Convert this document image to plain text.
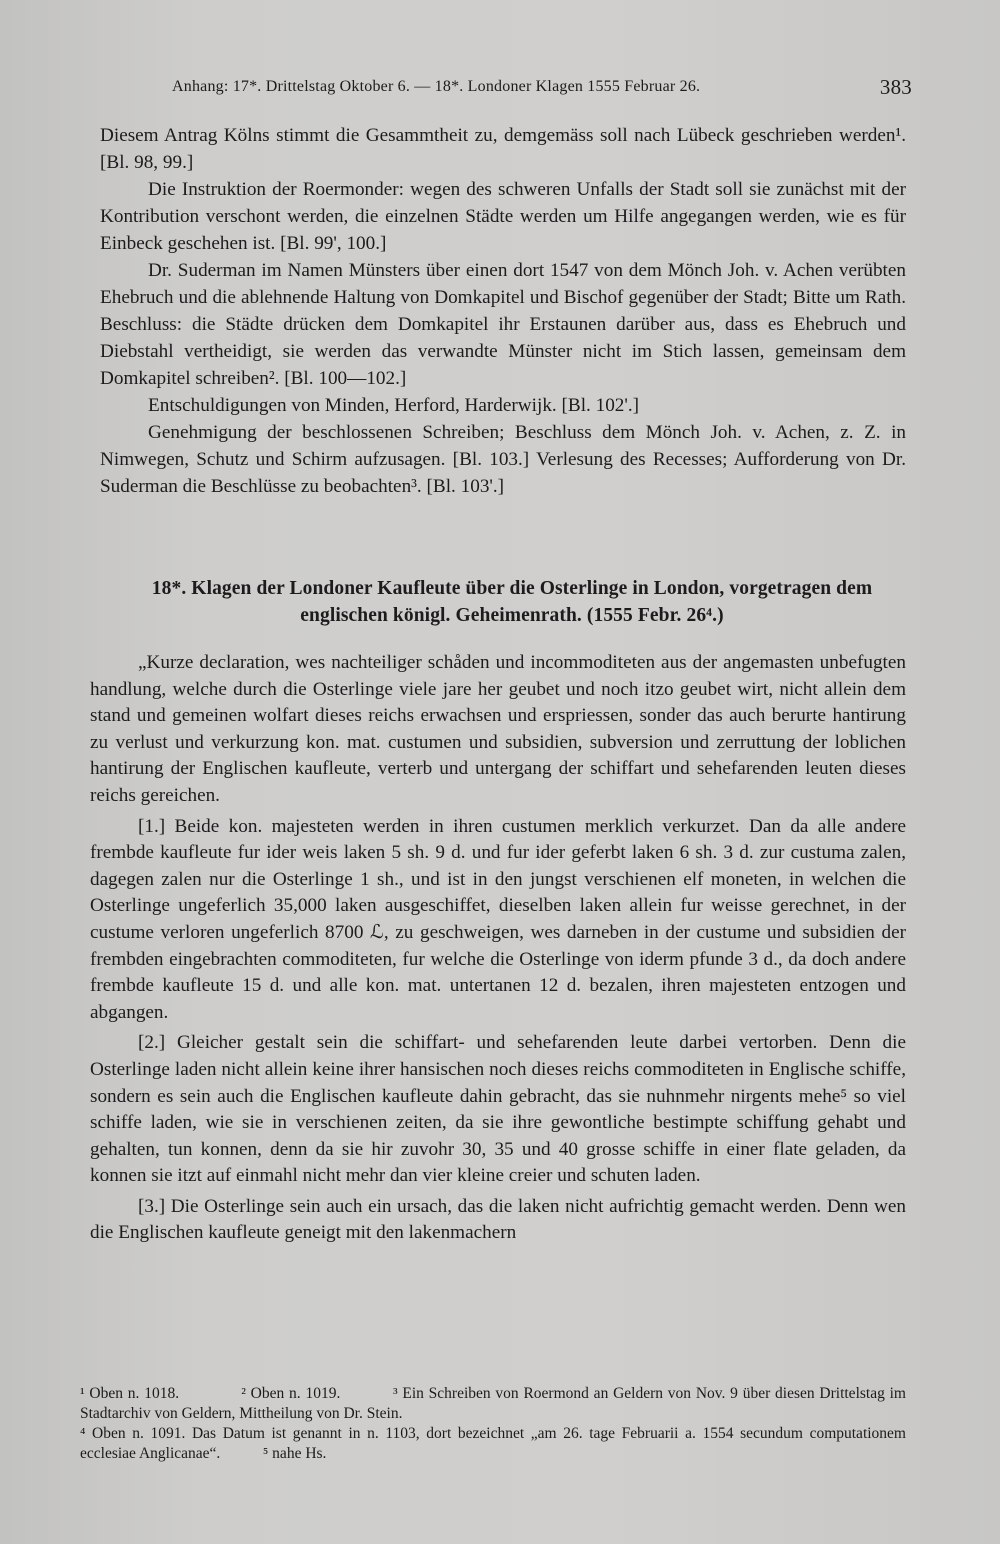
Anhang: 17*. Drittelstag Oktober 6. — 18*. Londoner Klagen 1555 Februar 26.	383

Diesem Antrag Kölns stimmt die Gesammtheit zu, demgemäss soll nach Lübeck geschrieben werden¹. [Bl. 98, 99.]

Die Instruktion der Roermonder: wegen des schweren Unfalls der Stadt soll sie zunächst mit der Kontribution verschont werden, die einzelnen Städte werden um Hilfe angegangen werden, wie es für Einbeck geschehen ist. [Bl. 99', 100.]

Dr. Suderman im Namen Münsters über einen dort 1547 von dem Mönch Joh. v. Achen verübten Ehebruch und die ablehnende Haltung von Domkapitel und Bischof gegenüber der Stadt; Bitte um Rath. Beschluss: die Städte drücken dem Domkapitel ihr Erstaunen darüber aus, dass es Ehebruch und Diebstahl vertheidigt, sie werden das verwandte Münster nicht im Stich lassen, gemeinsam dem Domkapitel schreiben². [Bl. 100—102.]

Entschuldigungen von Minden, Herford, Harderwijk. [Bl. 102'.]

Genehmigung der beschlossenen Schreiben; Beschluss dem Mönch Joh. v. Achen, z. Z. in Nimwegen, Schutz und Schirm aufzusagen. [Bl. 103.] Verlesung des Recesses; Aufforderung von Dr. Suderman die Beschlüsse zu beobachten³. [Bl. 103'.]

18*. Klagen der Londoner Kaufleute über die Osterlinge in London, vorgetragen dem englischen königl. Geheimenrath. (1555 Febr. 26⁴.)

„Kurze declaration, wes nachteiliger schåden und incommoditeten aus der angemasten unbefugten handlung, welche durch die Osterlinge viele jare her geubet und noch itzo geubet wirt, nicht allein dem stand und gemeinen wolfart dieses reichs erwachsen und erspriessen, sonder das auch berurte hantirung zu verlust und verkurzung kon. mat. custumen und subsidien, subversion und zerruttung der loblichen hantirung der Englischen kaufleute, verterb und untergang der schiffart und sehefarenden leuten dieses reichs gereichen.

[1.] Beide kon. majesteten werden in ihren custumen merklich verkurzet. Dan da alle andere frembde kaufleute fur ider weis laken 5 sh. 9 d. und fur ider geferbt laken 6 sh. 3 d. zur custuma zalen, dagegen zalen nur die Osterlinge 1 sh., und ist in den jungst verschienen elf moneten, in welchen die Osterlinge ungeferlich 35,000 laken ausgeschiffet, dieselben laken allein fur weisse gerechnet, in der custume verloren ungeferlich 8700 ℒ, zu geschweigen, wes darneben in der custume und subsidien der frembden eingebrachten commoditeten, fur welche die Osterlinge von iderm pfunde 3 d., da doch andere frembde kaufleute 15 d. und alle kon. mat. untertanen 12 d. bezalen, ihren majesteten entzogen und abgangen.

[2.] Gleicher gestalt sein die schiffart- und sehefarenden leute darbei vertorben. Denn die Osterlinge laden nicht allein keine ihrer hansischen noch dieses reichs commoditeten in Englische schiffe, sondern es sein auch die Englischen kaufleute dahin gebracht, das sie nuhnmehr nirgents mehe⁵ so viel schiffe laden, wie sie in verschienen zeiten, da sie ihre gewontliche bestimpte schiffung gehabt und gehalten, tun konnen, denn da sie hir zuvohr 30, 35 und 40 grosse schiffe in einer flate geladen, da konnen sie itzt auf einmahl nicht mehr dan vier kleine creier und schuten laden.

[3.] Die Osterlinge sein auch ein ursach, das die laken nicht aufrichtig gemacht werden. Denn wen die Englischen kaufleute geneigt mit den lakenmachern

¹ Oben n. 1018.	² Oben n. 1019.	³ Ein Schreiben von Roermond an Geldern von Nov. 9 über diesen Drittelstag im Stadtarchiv von Geldern, Mittheilung von Dr. Stein.
⁴ Oben n. 1091. Das Datum ist genannt in n. 1103, dort bezeichnet „am 26. tage Februarii a. 1554 secundum computationem ecclesiae Anglicanae“.	⁵ nahe Hs.
